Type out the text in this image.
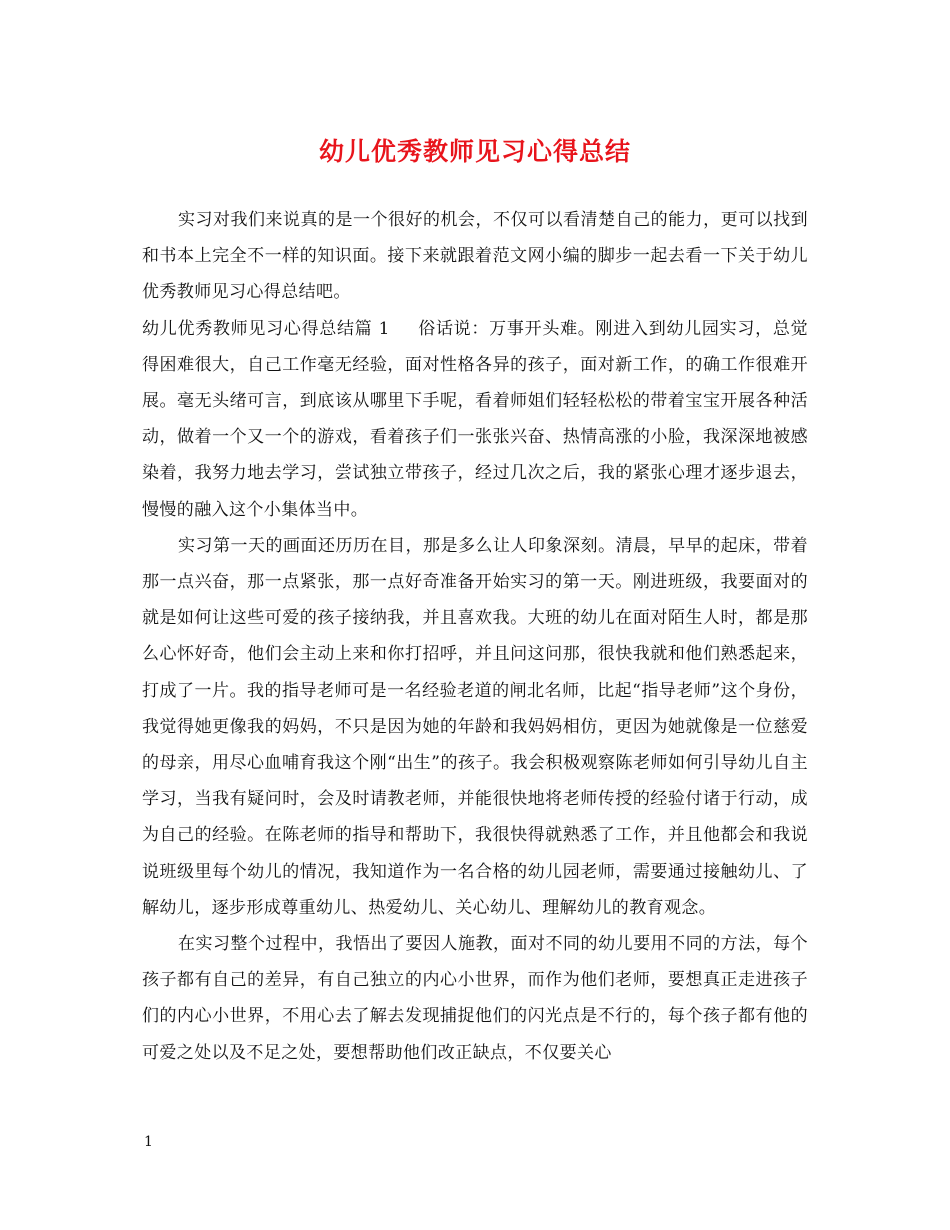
幼儿优秀教师见习心得总结

实习对我们来说真的是一个很好的机会，不仅可以看清楚自己的能力，更可以找到和书本上完全不一样的知识面。接下来就跟着范文网小编的脚步一起去看一下关于幼儿优秀教师见习心得总结吧。

幼儿优秀教师见习心得总结篇 1 俗话说：万事开头难。刚进入到幼儿园实习，总觉得困难很大，自己工作毫无经验，面对性格各异的孩子，面对新工作，的确工作很难开展。毫无头绪可言，到底该从哪里下手呢，看着师姐们轻轻松松的带着宝宝开展各种活动，做着一个又一个的游戏，看着孩子们一张张兴奋、热情高涨的小脸，我深深地被感染着，我努力地去学习，尝试独立带孩子，经过几次之后，我的紧张心理才逐步退去，慢慢的融入这个小集体当中。

实习第一天的画面还历历在目，那是多么让人印象深刻。清晨，早早的起床，带着那一点兴奋，那一点紧张，那一点好奇准备开始实习的第一天。刚进班级，我要面对的就是如何让这些可爱的孩子接纳我，并且喜欢我。大班的幼儿在面对陌生人时，都是那么心怀好奇，他们会主动上来和你打招呼，并且问这问那，很快我就和他们熟悉起来，打成了一片。我的指导老师可是一名经验老道的闸北名师，比起“指导老师”这个身份，我觉得她更像我的妈妈，不只是因为她的年龄和我妈妈相仿，更因为她就像是一位慈爱的母亲，用尽心血哺育我这个刚“出生”的孩子。我会积极观察陈老师如何引导幼儿自主学习，当我有疑问时，会及时请教老师，并能很快地将老师传授的经验付诸于行动，成为自己的经验。在陈老师的指导和帮助下，我很快得就熟悉了工作，并且他都会和我说说班级里每个幼儿的情况，我知道作为一名合格的幼儿园老师，需要通过接触幼儿、了解幼儿，逐步形成尊重幼儿、热爱幼儿、关心幼儿、理解幼儿的教育观念。

在实习整个过程中，我悟出了要因人施教，面对不同的幼儿要用不同的方法，每个孩子都有自己的差异，有自己独立的内心小世界，而作为他们老师，要想真正走进孩子们的内心小世界，不用心去了解去发现捕捉他们的闪光点是不行的，每个孩子都有他的可爱之处以及不足之处，要想帮助他们改正缺点，不仅要关心

1
